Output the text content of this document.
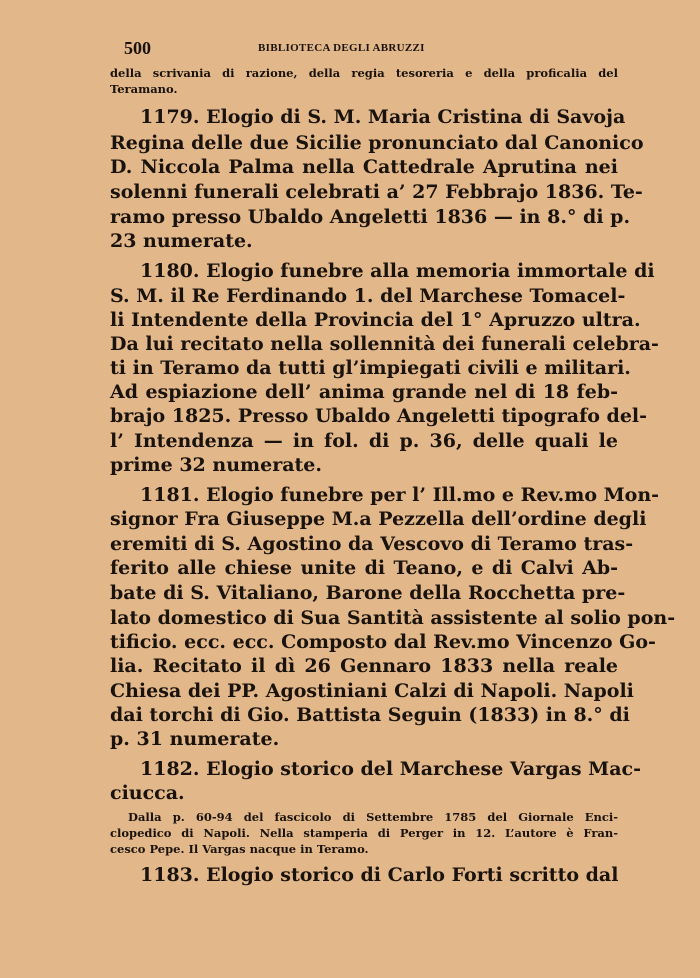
500	BIBLIOTECA DEGLI ABRUZZI
della scrivania di razione, della regia tesoreria e della proficalia del
Teramano.
1179. Elogio di S. M. Maria Cristina di Savoja
Regina delle due Sicilie pronunciato dal Canonico
D. Niccola Palma nella Cattedrale Aprutina nei
solenni funerali celebrati a’ 27 Febbrajo 1836. Te-
ramo presso Ubaldo Angeletti 1836 — in 8.° di p.
23 numerate.
1180. Elogio funebre alla memoria immortale di
S. M. il Re Ferdinando 1. del Marchese Tomacel-
li Intendente della Provincia del 1° Apruzzo ultra.
Da lui recitato nella sollennità dei funerali celebra-
ti in Teramo da tutti gl’impiegati civili e militari.
Ad espiazione dell’ anima grande nel di 18 feb-
brajo 1825. Presso Ubaldo Angeletti tipografo del-
l’ Intendenza — in fol. di p. 36, delle quali le
prime 32 numerate.
1181. Elogio funebre per l’ Ill.mo e Rev.mo Mon-
signor Fra Giuseppe M.a Pezzella dell’ordine degli
eremiti di S. Agostino da Vescovo di Teramo tras-
ferito alle chiese unite di Teano, e di Calvi Ab-
bate di S. Vitaliano, Barone della Rocchetta pre-
lato domestico di Sua Santità assistente al solio pon-
tificio. ecc. ecc. Composto dal Rev.mo Vincenzo Go-
lia. Recitato il dì 26 Gennaro 1833 nella reale
Chiesa dei PP. Agostiniani Calzi di Napoli. Napoli
dai torchi di Gio. Battista Seguin (1833) in 8.° di
p. 31 numerate.
1182. Elogio storico del Marchese Vargas Mac-
ciucca.
Dalla p. 60-94 del fascicolo di Settembre 1785 del Giornale Enci-
clopedico di Napoli. Nella stamperia di Perger in 12. L’autore è Fran-
cesco Pepe. Il Vargas nacque in Teramo.
1183. Elogio storico di Carlo Forti scritto dal
